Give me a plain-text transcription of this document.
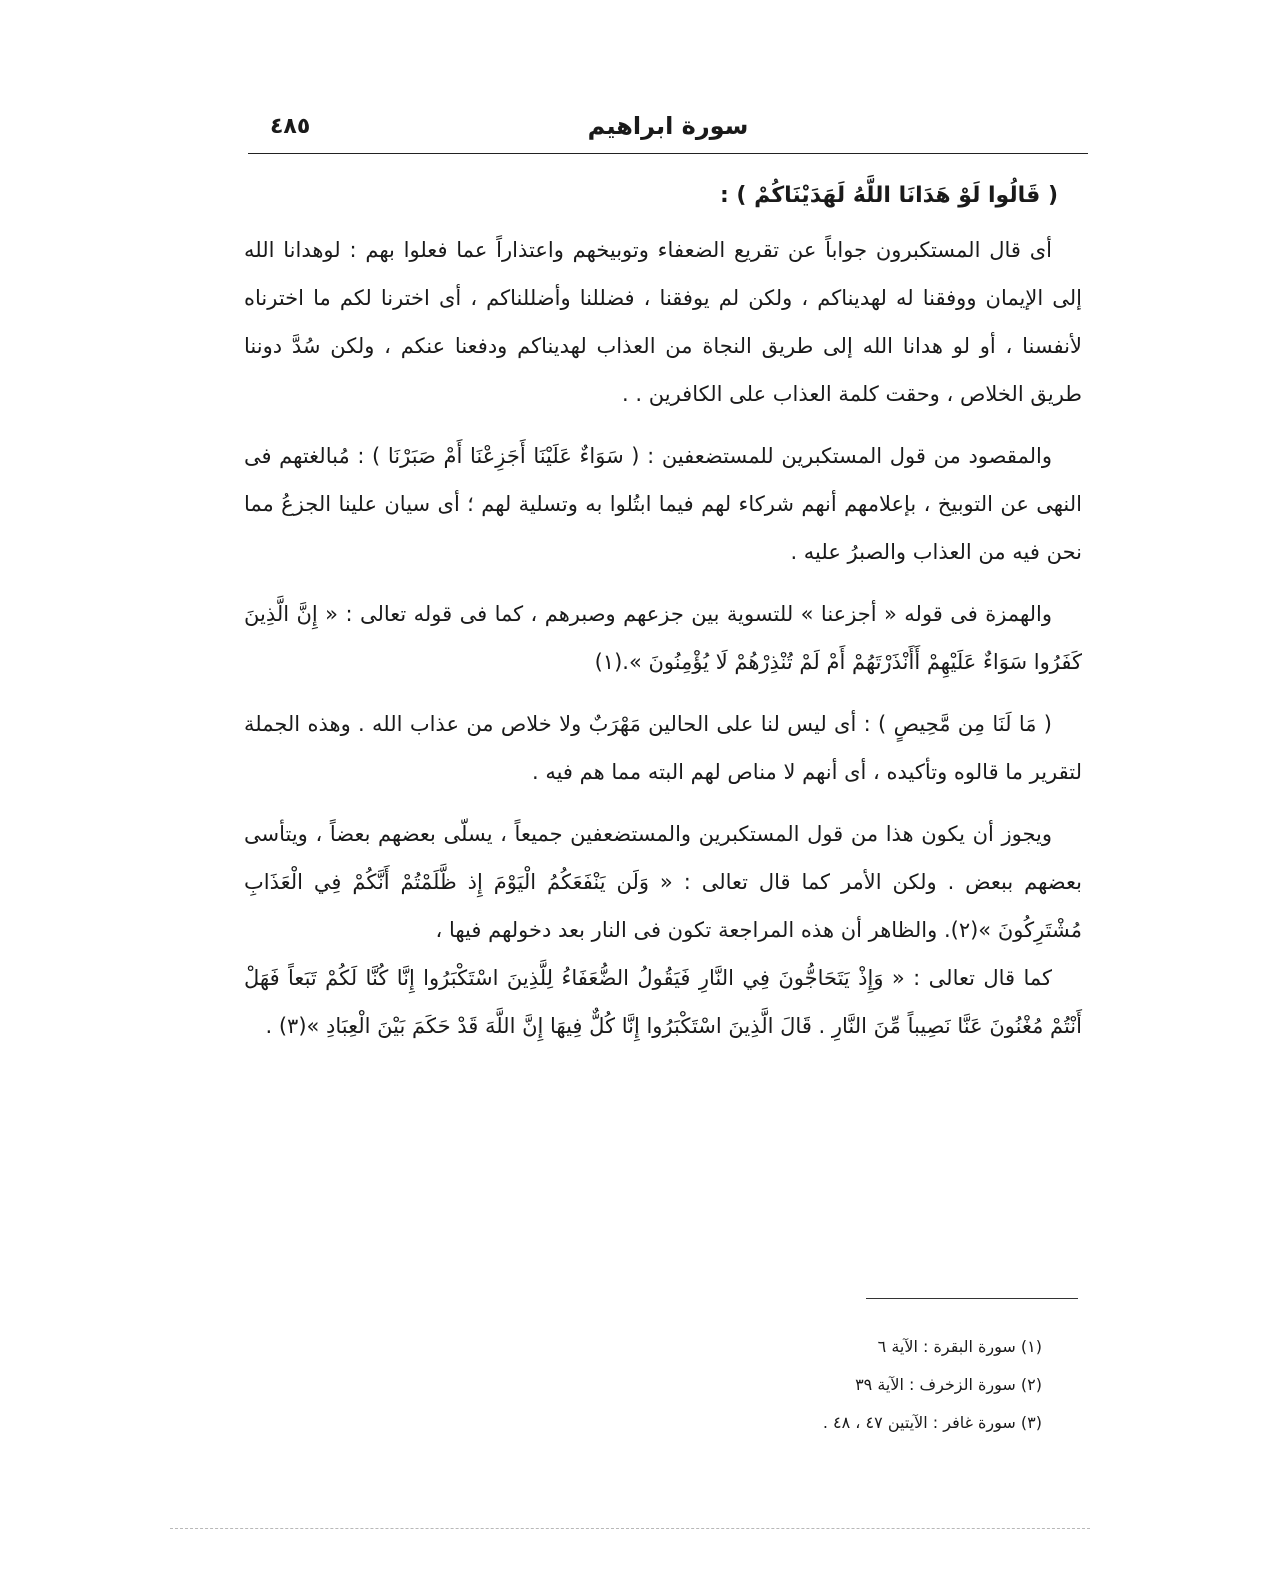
٤٨٥	سورة ابراهيم

( قَالُوا لَوْ هَدَانَا اللَّهُ لَهَدَيْنَاكُمْ ) :

أى قال المستكبرون جواباً عن تقريع الضعفاء وتوبيخهم واعتذاراً عما فعلوا بهم : لوهدانا الله إلى الإيمان ووفقنا له لهديناكم ، ولكن لم يوفقنا ، فضللنا وأضللناكم ، أى اخترنا لكم ما اخترناه لأنفسنا ، أو لو هدانا الله إلى طريق النجاة من العذاب لهديناكم ودفعنا عنكم ، ولكن سُدَّ دوننا طريق الخلاص ، وحقت كلمة العذاب على الكافرين . .

والمقصود من قول المستكبرين للمستضعفين : ( سَوَاءٌ عَلَيْنَا أَجَزِعْنَا أَمْ صَبَرْنَا ) : مُبالغتهم فى النهى عن التوبيخ ، بإعلامهم أنهم شركاء لهم فيما ابتُلوا به وتسلية لهم ؛ أى سيان علينا الجزعُ مما نحن فيه من العذاب والصبرُ عليه .

والهمزة فى قوله « أجزعنا » للتسوية بين جزعهم وصبرهم ، كما فى قوله تعالى : « إِنَّ الَّذِينَ كَفَرُوا سَوَاءٌ عَلَيْهِمْ أَأَنْذَرْتَهُمْ أَمْ لَمْ تُنْذِرْهُمْ لَا يُؤْمِنُونَ ».(١)

( مَا لَنَا مِن مَّحِيصٍ ) : أى ليس لنا على الحالين مَهْرَبٌ ولا خلاص من عذاب الله . وهذه الجملة لتقرير ما قالوه وتأكيده ، أى أنهم لا مناص لهم البته مما هم فيه .

ويجوز أن يكون هذا من قول المستكبرين والمستضعفين جميعاً ، يسلّى بعضهم بعضاً ، ويتأسى بعضهم ببعض . ولكن الأمر كما قال تعالى : « وَلَن يَنْفَعَكُمُ الْيَوْمَ إِذ ظَّلَمْتُمْ أَنَّكُمْ فِي الْعَذَابِ مُشْتَرِكُونَ »(٢). والظاهر أن هذه المراجعة تكون فى النار بعد دخولهم فيها ،

كما قال تعالى : « وَإِذْ يَتَحَاجُّونَ فِي النَّارِ فَيَقُولُ الضُّعَفَاءُ لِلَّذِينَ اسْتَكْبَرُوا إِنَّا كُنَّا لَكُمْ تَبَعاً فَهَلْ أَنْتُمْ مُغْنُونَ عَنَّا نَصِيباً مِّنَ النَّارِ . قَالَ الَّذِينَ اسْتَكْبَرُوا إِنَّا كُلٌّ فِيهَا إِنَّ اللَّهَ قَدْ حَكَمَ بَيْنَ الْعِبَادِ »(٣) .

(١) سورة البقرة : الآية ٦

(٢) سورة الزخرف : الآية ٣٩

(٣) سورة غافر : الآيتين ٤٧ ، ٤٨ .
